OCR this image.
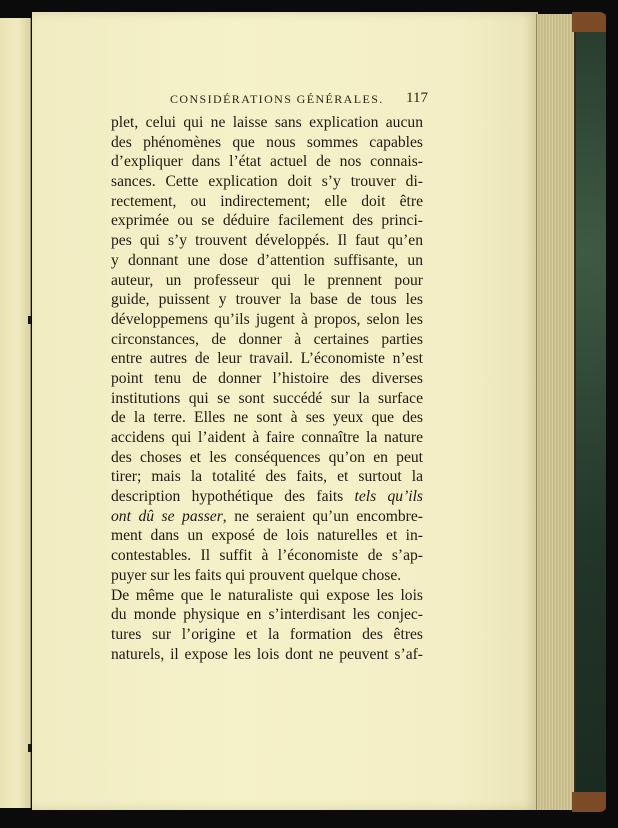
CONSIDÉRATIONS GÉNÉRALES. 117
plet, celui qui ne laisse sans explication aucun
des phénomènes que nous sommes capables
d’expliquer dans l’état actuel de nos connais-
sances. Cette explication doit s’y trouver di-
rectement, ou indirectement; elle doit être
exprimée ou se déduire facilement des princi-
pes qui s’y trouvent développés. Il faut qu’en
y donnant une dose d’attention suffisante, un
auteur, un professeur qui le prennent pour
guide, puissent y trouver la base de tous les
développemens qu’ils jugent à propos, selon les
circonstances, de donner à certaines parties
entre autres de leur travail. L’économiste n’est
point tenu de donner l’histoire des diverses
institutions qui se sont succédé sur la surface
de la terre. Elles ne sont à ses yeux que des
accidens qui l’aident à faire connaître la nature
des choses et les conséquences qu’on en peut
tirer; mais la totalité des faits, et surtout la
description hypothétique des faits tels qu’ils
ont dû se passer, ne seraient qu’un encombre-
ment dans un exposé de lois naturelles et in-
contestables. Il suffit à l’économiste de s’ap-
puyer sur les faits qui prouvent quelque chose.
De même que le naturaliste qui expose les lois
du monde physique en s’interdisant les conjec-
tures sur l’origine et la formation des êtres
naturels, il expose les lois dont ne peuvent s’af-
